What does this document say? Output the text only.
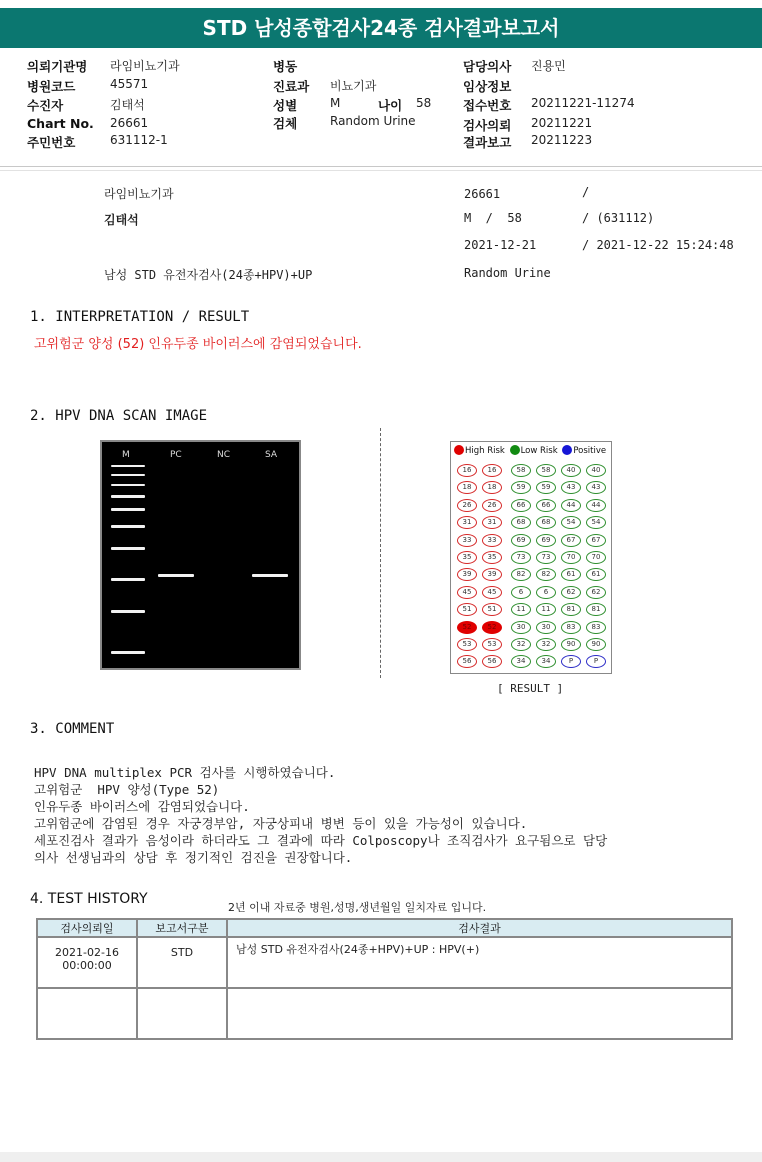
STD 남성종합검사24종 검사결과보고서
의뢰기관명 라임비뇨기과
병원코드	45571
수진자	김태석
Chart No. 26661
주민번호	631112-1
병동
진료과 비뇨기과
성별	M	나이 58
검체	Random Urine
담당의사 진용민
임상정보
접수번호 20211221-11274
검사의뢰 20211221
결과보고 20211223
라임비뇨기과	26661	/
김태석	M  /  58	/ (631112)
2021-12-21	/ 2021-12-22 15:24:48
남성 STD 유전자검사(24종+HPV)+UP	Random Urine
1. INTERPRETATION / RESULT
고위험군 양성 (52) 인유두종 바이러스에 감염되었습니다.
2. HPV DNA SCAN IMAGE
M	PC	NC	SA	High Risk Low Risk Positive
16	16
18	18
26	26
31	31
33	33
35	35
39	39
45	45
51	51
52	52
53	53
56	56
58	58
59	59
66	66
68	68
69	69
73	73
82	82
6	6
11	11
30	30
32	32
34	34
40	40
43	43
44	44
54	54
67	67
70	70
61	61
62	62
81	81
83	83
90	90
P	P
[ RESULT ]
3. COMMENT
HPV DNA multiplex PCR 검사를 시행하였습니다.
고위험군  HPV 양성(Type 52)
인유두종 바이러스에 감염되었습니다.
고위험군에 감염된 경우 자궁경부암, 자궁상피내 병변 등이 있을 가능성이 있습니다.
세포진검사 결과가 음성이라 하더라도 그 결과에 따라 Colposcopy나 조직검사가 요구됨으로 담당
의사 선생님과의 상담 후 정기적인 검진을 권장합니다.
4. TEST HISTORY
2년 이내 자료중 병원,성명,생년월일 일치자료 입니다.
검사의뢰일	보고서구분	검사결과

2021-02-16
00:00:00	STD	남성 STD 유전자검사(24종+HPV)+UP : HPV(+)
